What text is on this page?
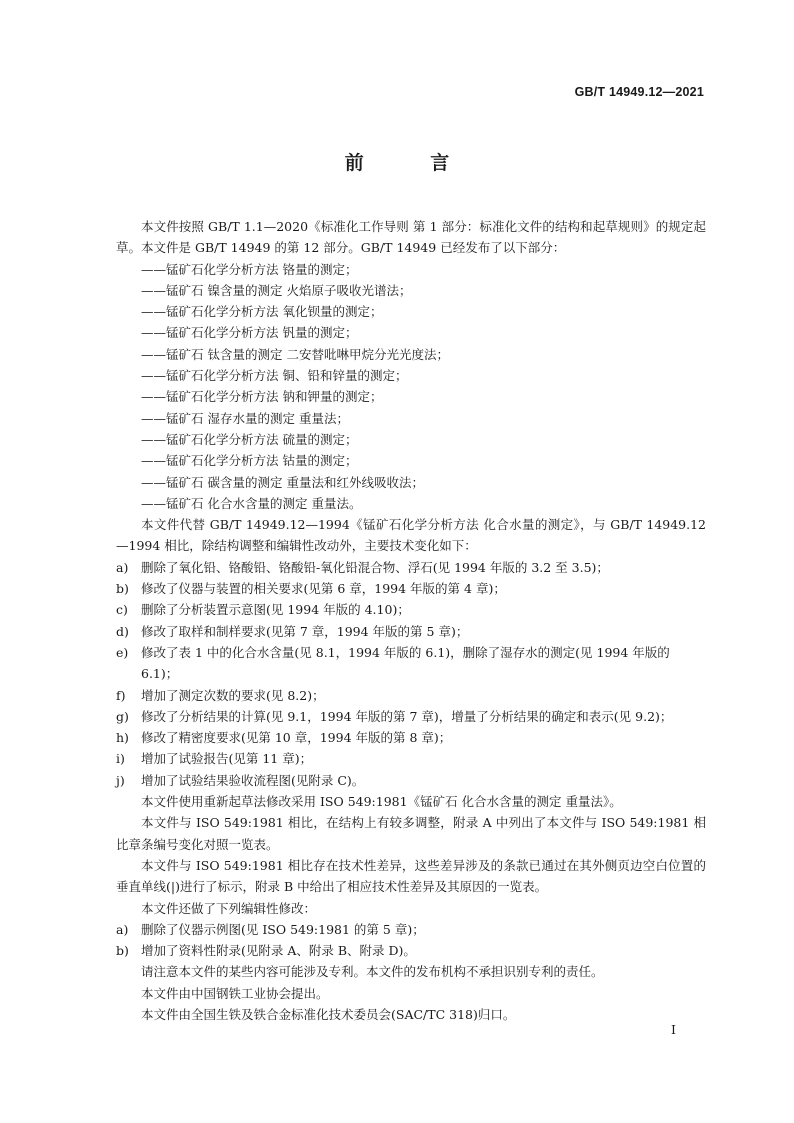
GB/T 14949.12—2021
前 言

本文件按照 GB/T 1.1—2020《标准化工作导则 第 1 部分：标准化文件的结构和起草规则》的规定起草。本文件是 GB/T 14949 的第 12 部分。GB/T 14949 已经发布了以下部分：

——锰矿石化学分析方法 铬量的测定；

——锰矿石 镍含量的测定 火焰原子吸收光谱法；

——锰矿石化学分析方法 氧化钡量的测定；

——锰矿石化学分析方法 钒量的测定；

——锰矿石 钛含量的测定 二安替吡啉甲烷分光光度法；

——锰矿石化学分析方法 铜、铅和锌量的测定；

——锰矿石化学分析方法 钠和钾量的测定；

——锰矿石 湿存水量的测定 重量法；

——锰矿石化学分析方法 硫量的测定；

——锰矿石化学分析方法 钴量的测定；

——锰矿石 碳含量的测定 重量法和红外线吸收法；

——锰矿石 化合水含量的测定 重量法。

本文件代替 GB/T 14949.12—1994《锰矿石化学分析方法 化合水量的测定》，与 GB/T 14949.12—1994 相比，除结构调整和编辑性改动外，主要技术变化如下：

a) 删除了氧化铅、铬酸铅、铬酸铅-氧化铅混合物、浮石(见 1994 年版的 3.2 至 3.5)；

b) 修改了仪器与装置的相关要求(见第 6 章，1994 年版的第 4 章)；

c) 删除了分析装置示意图(见 1994 年版的 4.10)；

d) 修改了取样和制样要求(见第 7 章，1994 年版的第 5 章)；

e) 修改了表 1 中的化合水含量(见 8.1，1994 年版的 6.1)，删除了湿存水的测定(见 1994 年版的 6.1)；

f) 增加了测定次数的要求(见 8.2)；

g) 修改了分析结果的计算(见 9.1，1994 年版的第 7 章)，增量了分析结果的确定和表示(见 9.2)；

h) 修改了精密度要求(见第 10 章，1994 年版的第 8 章)；

i) 增加了试验报告(见第 11 章)；

j) 增加了试验结果验收流程图(见附录 C)。

本文件使用重新起草法修改采用 ISO 549:1981《锰矿石 化合水含量的测定 重量法》。

本文件与 ISO 549:1981 相比，在结构上有较多调整，附录 A 中列出了本文件与 ISO 549:1981 相比章条编号变化对照一览表。

本文件与 ISO 549:1981 相比存在技术性差异，这些差异涉及的条款已通过在其外侧页边空白位置的垂直单线(|)进行了标示，附录 B 中给出了相应技术性差异及其原因的一览表。

本文件还做了下列编辑性修改：

a) 删除了仪器示例图(见 ISO 549:1981 的第 5 章)；

b) 增加了资料性附录(见附录 A、附录 B、附录 D)。

请注意本文件的某些内容可能涉及专利。本文件的发布机构不承担识别专利的责任。

本文件由中国钢铁工业协会提出。

本文件由全国生铁及铁合金标准化技术委员会(SAC/TC 318)归口。

I
